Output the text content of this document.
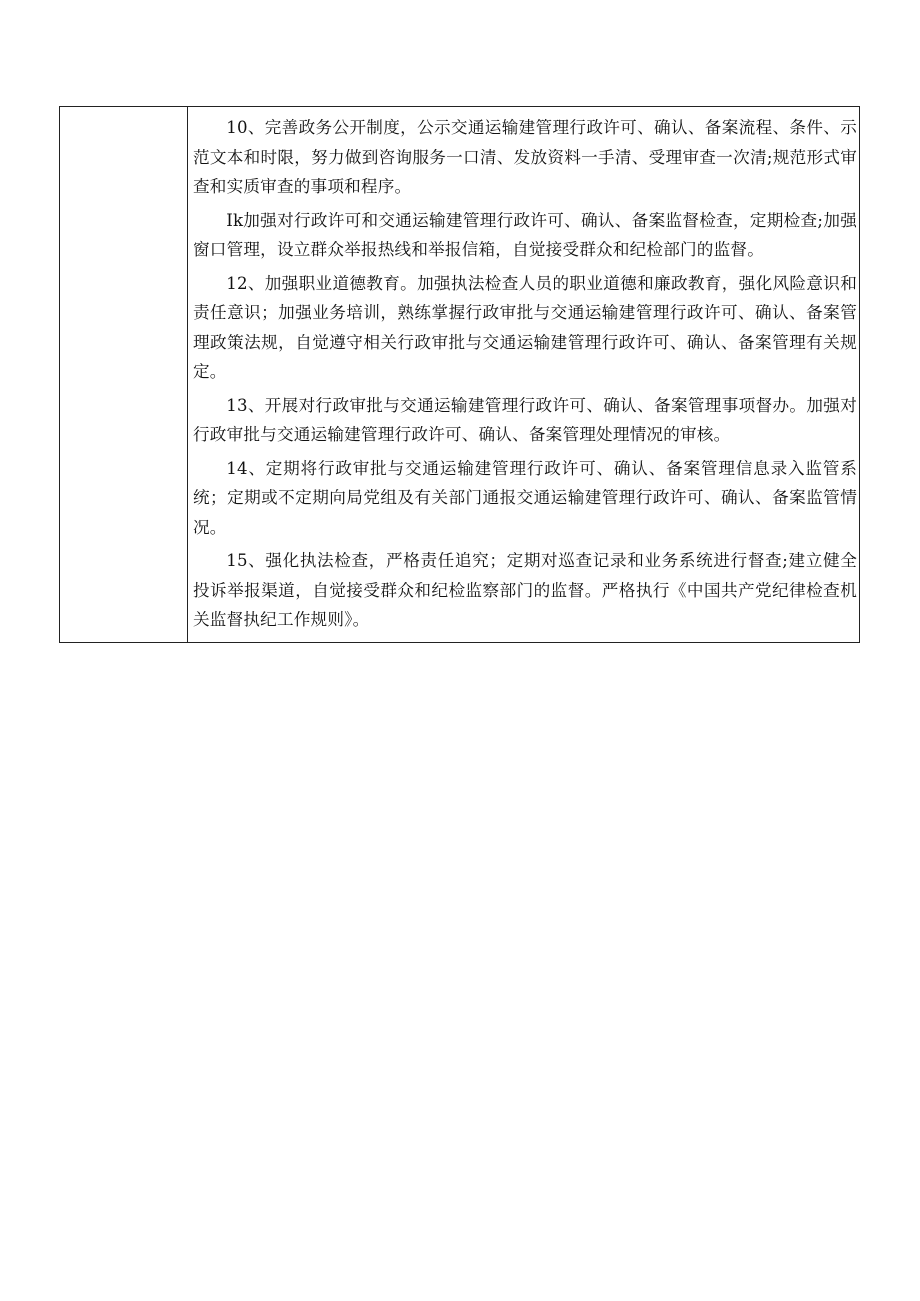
10、完善政务公开制度，公示交通运输建管理行政许可、确认、备案流程、条件、示范文本和时限，努力做到咨询服务一口清、发放资料一手清、受理审查一次清;规范形式审查和实质审查的事项和程序。

Ik加强对行政许可和交通运输建管理行政许可、确认、备案监督检查，定期检查;加强窗口管理，设立群众举报热线和举报信箱，自觉接受群众和纪检部门的监督。

12、加强职业道德教育。加强执法检查人员的职业道德和廉政教育，强化风险意识和责任意识；加强业务培训，熟练掌握行政审批与交通运输建管理行政许可、确认、备案管理政策法规，自觉遵守相关行政审批与交通运输建管理行政许可、确认、备案管理有关规定。

13、开展对行政审批与交通运输建管理行政许可、确认、备案管理事项督办。加强对行政审批与交通运输建管理行政许可、确认、备案管理处理情况的审核。

14、定期将行政审批与交通运输建管理行政许可、确认、备案管理信息录入监管系统；定期或不定期向局党组及有关部门通报交通运输建管理行政许可、确认、备案监管情况。

15、强化执法检查，严格责任追究；定期对巡查记录和业务系统进行督查;建立健全投诉举报渠道，自觉接受群众和纪检监察部门的监督。严格执行《中国共产党纪律检查机关监督执纪工作规则》。
